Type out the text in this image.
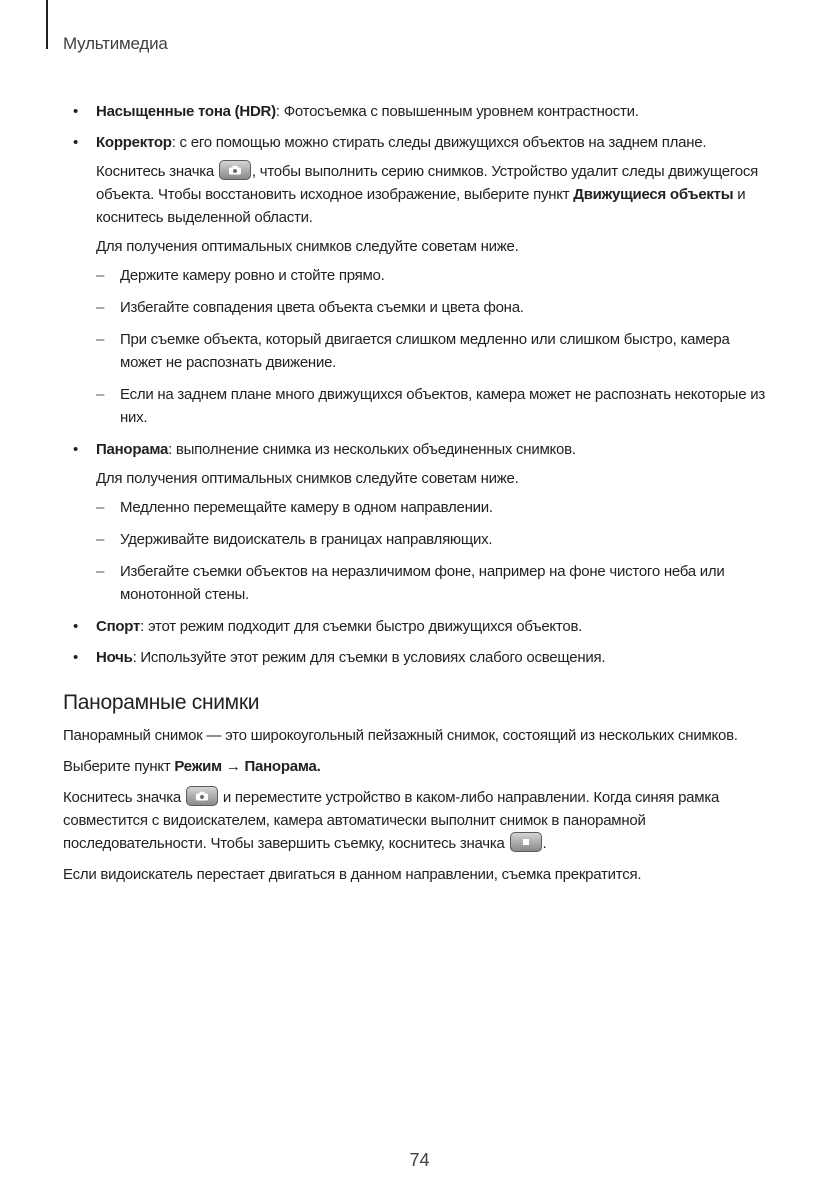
Мультимедиа
• Насыщенные тона (HDR): Фотосъемка с повышенным уровнем контрастности.
• Корректор: с его помощью можно стирать следы движущихся объектов на заднем плане.
Коснитесь значка	, чтобы выполнить серию снимков. Устройство удалит следы движущегося объекта. Чтобы восстановить исходное изображение, выберите пункт Движущиеся объекты и коснитесь выделенной области.
Для получения оптимальных снимков следуйте советам ниже.
– Держите камеру ровно и стойте прямо.
– Избегайте совпадения цвета объекта съемки и цвета фона.
– При съемке объекта, который двигается слишком медленно или слишком быстро, камера может не распознать движение.
– Если на заднем плане много движущихся объектов, камера может не распознать некоторые из них.
• Панорама: выполнение снимка из нескольких объединенных снимков.
Для получения оптимальных снимков следуйте советам ниже.
– Медленно перемещайте камеру в одном направлении.
– Удерживайте видоискатель в границах направляющих.
– Избегайте съемки объектов на неразличимом фоне, например на фоне чистого неба или монотонной стены.
• Спорт: этот режим подходит для съемки быстро движущихся объектов.
• Ночь: Используйте этот режим для съемки в условиях слабого освещения.
Панорамные снимки

Панорамный снимок — это широкоугольный пейзажный снимок, состоящий из нескольких снимков.

Выберите пункт Режим → Панорама.

Коснитесь значка	и переместите устройство в каком-либо направлении. Когда синяя рамка совместится с видоискателем, камера автоматически выполнит снимок в панорамной последовательности. Чтобы завершить съемку, коснитесь значка	.

Если видоискатель перестает двигаться в данном направлении, съемка прекратится.

74
